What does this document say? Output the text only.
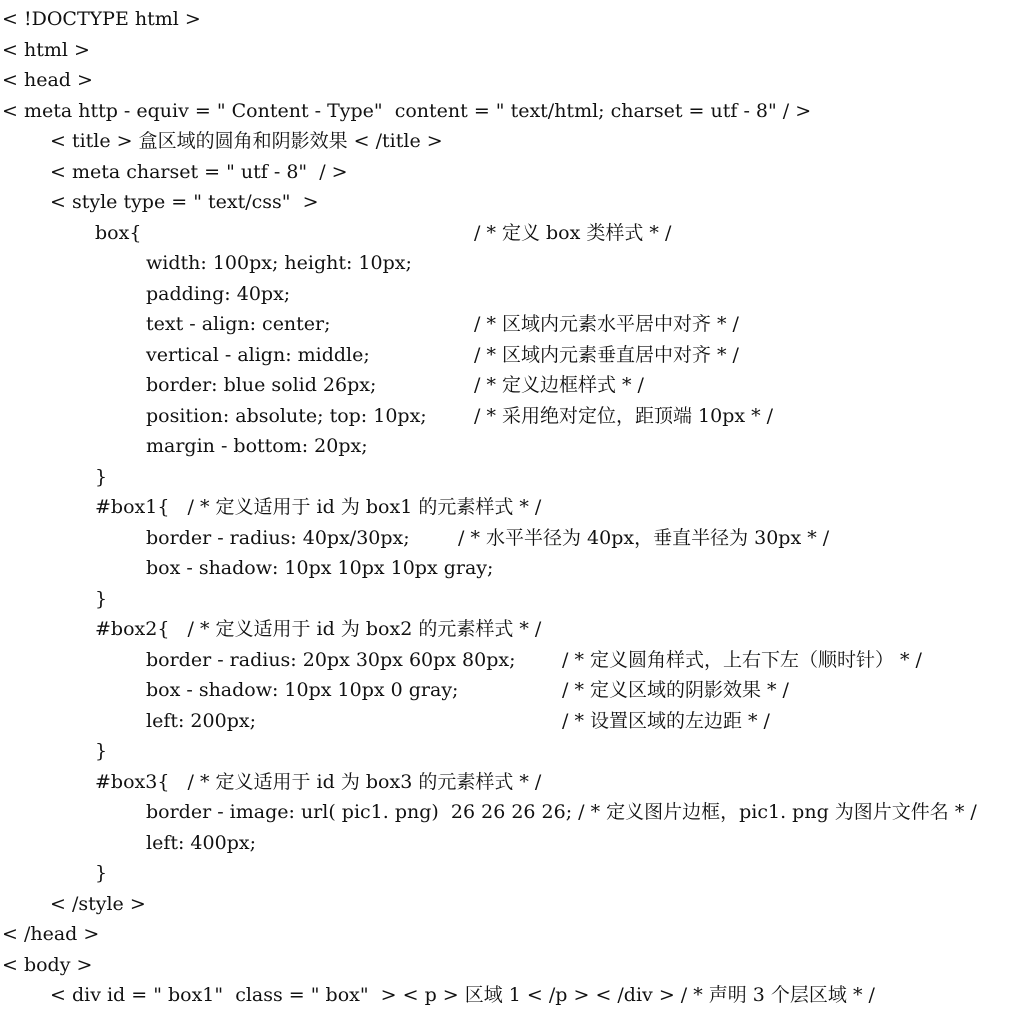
< !DOCTYPE html >
< html >
< head >
< meta http - equiv = " Content - Type"  content = " text/html; charset = utf - 8" / >
< title > 盒区域的圆角和阴影效果 < /title >
< meta charset = " utf - 8"  / >
< style type = " text/css"  >
box{	/ * 定义 box 类样式 * /
width: 100px; height: 10px;
padding: 40px;
text - align: center;	/ * 区域内元素水平居中对齐 * /
vertical - align: middle;	/ * 区域内元素垂直居中对齐 * /
border: blue solid 26px;	/ * 定义边框样式 * /
position: absolute; top: 10px; / * 采用绝对定位，距顶端 10px * /
margin - bottom: 20px;
}
#box1{   / * 定义适用于 id 为 box1 的元素样式 * /
border - radius: 40px/30px;	/ * 水平半径为 40px，垂直半径为 30px * /
box - shadow: 10px 10px 10px gray;
}
#box2{   / * 定义适用于 id 为 box2 的元素样式 * /
border - radius: 20px 30px 60px 80px; / * 定义圆角样式，上右下左（顺时针） * /
box - shadow: 10px 10px 0 gray;	/ * 定义区域的阴影效果 * /
left: 200px;	/ * 设置区域的左边距 * /
}
#box3{   / * 定义适用于 id 为 box3 的元素样式 * /
border - image: url( pic1. png)  26 26 26 26; / * 定义图片边框，pic1. png 为图片文件名 * /
left: 400px;
}
< /style >
< /head >
< body >
< div id = " box1"  class = " box"  > < p > 区域 1 < /p > < /div > / * 声明 3 个层区域 * /
